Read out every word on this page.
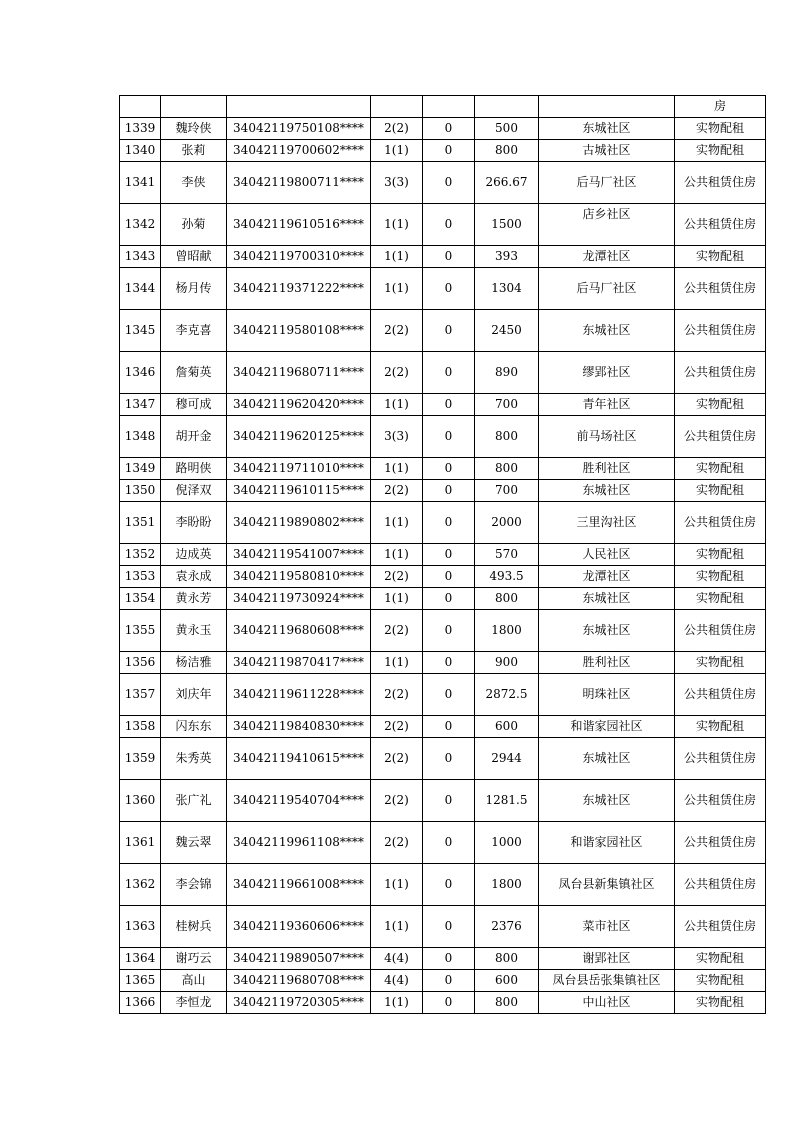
							房
1339	魏玲侠	34042119750108****	2(2)	0	500	东城社区	实物配租
1340	张莉	34042119700602****	1(1)	0	800	古城社区	实物配租
1341	李侠	34042119800711****	3(3)	0	266.67	后马厂社区	公共租赁住房
1342	孙菊	34042119610516****	1(1)	0	1500	店乡社区	公共租赁住房
1343	曾昭献	34042119700310****	1(1)	0	393	龙潭社区	实物配租
1344	杨月传	34042119371222****	1(1)	0	1304	后马厂社区	公共租赁住房
1345	李克喜	34042119580108****	2(2)	0	2450	东城社区	公共租赁住房
1346	詹菊英	34042119680711****	2(2)	0	890	缪郢社区	公共租赁住房
1347	穆可成	34042119620420****	1(1)	0	700	青年社区	实物配租
1348	胡开金	34042119620125****	3(3)	0	800	前马场社区	公共租赁住房
1349	路明侠	34042119711010****	1(1)	0	800	胜利社区	实物配租
1350	倪泽双	34042119610115****	2(2)	0	700	东城社区	实物配租
1351	李盼盼	34042119890802****	1(1)	0	2000	三里沟社区	公共租赁住房
1352	边成英	34042119541007****	1(1)	0	570	人民社区	实物配租
1353	袁永成	34042119580810****	2(2)	0	493.5	龙潭社区	实物配租
1354	黄永芳	34042119730924****	1(1)	0	800	东城社区	实物配租
1355	黄永玉	34042119680608****	2(2)	0	1800	东城社区	公共租赁住房
1356	杨洁雅	34042119870417****	1(1)	0	900	胜利社区	实物配租
1357	刘庆年	34042119611228****	2(2)	0	2872.5	明珠社区	公共租赁住房
1358	闪东东	34042119840830****	2(2)	0	600	和谐家园社区	实物配租
1359	朱秀英	34042119410615****	2(2)	0	2944	东城社区	公共租赁住房
1360	张广礼	34042119540704****	2(2)	0	1281.5	东城社区	公共租赁住房
1361	魏云翠	34042119961108****	2(2)	0	1000	和谐家园社区	公共租赁住房
1362	李会锦	34042119661008****	1(1)	0	1800	凤台县新集镇社区	公共租赁住房
1363	桂树兵	34042119360606****	1(1)	0	2376	菜市社区	公共租赁住房
1364	谢巧云	34042119890507****	4(4)	0	800	谢郢社区	实物配租
1365	高山	34042119680708****	4(4)	0	600	凤台县岳张集镇社区	实物配租
1366	李恒龙	34042119720305****	1(1)	0	800	中山社区	实物配租
